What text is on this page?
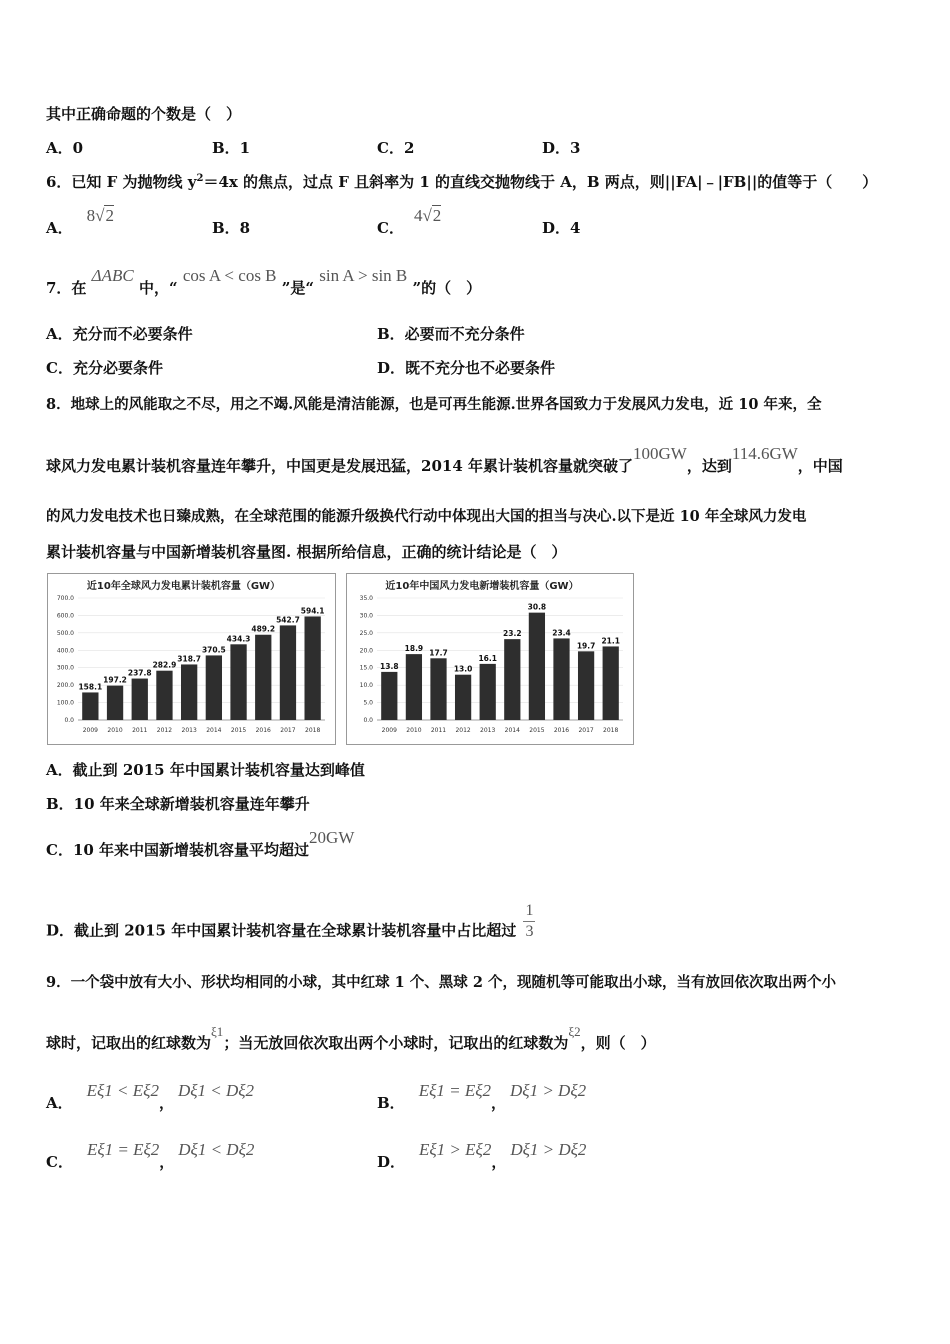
其中正确命题的个数是（　）
A．0	B．1	C．2	D．3
6．已知 F 为抛物线 $y^2=4x$ 的焦点，过点 F 且斜率为 1 的直线交抛物线于 A，B 两点，则||FA|﹣|FB||的值等于（　　）
A．8√2
B．8	C．4√2
D．4
7．在 ΔABC 中，“ cos A < cos B ”是“ sin A > sin B ”的（　）
A．充分而不必要条件	B．必要而不充分条件
C．充分必要条件	D．既不充分也不必要条件
8．地球上的风能取之不尽，用之不竭.风能是清洁能源，也是可再生能源.世界各国致力于发展风力发电，近 10 年来，全
球风力发电累计装机容量连年攀升，中国更是发展迅猛，2014 年累计装机容量就突破了100GW，达到114.6GW，中国
的风力发电技术也日臻成熟，在全球范围的能源升级换代行动中体现出大国的担当与决心.以下是近 10 年全球风力发电
累计装机容量与中国新增装机容量图. 根据所给信息，正确的统计结论是（　）
近10年全球风力发电累计装机容量（GW）
0.0
100.0
200.0
300.0
400.0
500.0
600.0
700.0
158.1
2009
197.2
2010
237.8
2011
282.9
2012
318.7
2013
370.5
2014
434.3
2015
489.2
2016
542.7
2017
594.1
2018
近10年中国风力发电新增装机容量（GW）
0.0
5.0
10.0
15.0
20.0
25.0
30.0
35.0
13.8
2009
18.9
2010
17.7
2011
13.0
2012
16.1
2013
23.2
2014
30.8
2015
23.4
2016
19.7
2017
21.1
2018
A．截止到 2015 年中国累计装机容量达到峰值
B．10 年来全球新增装机容量连年攀升
C．10 年来中国新增装机容量平均超过20GW
D．截止到 2015 年中国累计装机容量在全球累计装机容量中占比超过 $\frac{1}{3}$
9．一个袋中放有大小、形状均相同的小球，其中红球 1 个、黑球 2 个，现随机等可能取出小球，当有放回依次取出两个小
球时，记取出的红球数为ξ1；当无放回依次取出两个小球时，记取出的红球数为ξ2，则（　）
A．Eξ1 < Eξ2，Dξ1 < Dξ2
B．Eξ1 = Eξ2，Dξ1 > Dξ2
C．Eξ1 = Eξ2，Dξ1 < Dξ2
D．Eξ1 > Eξ2，Dξ1 > Dξ2
